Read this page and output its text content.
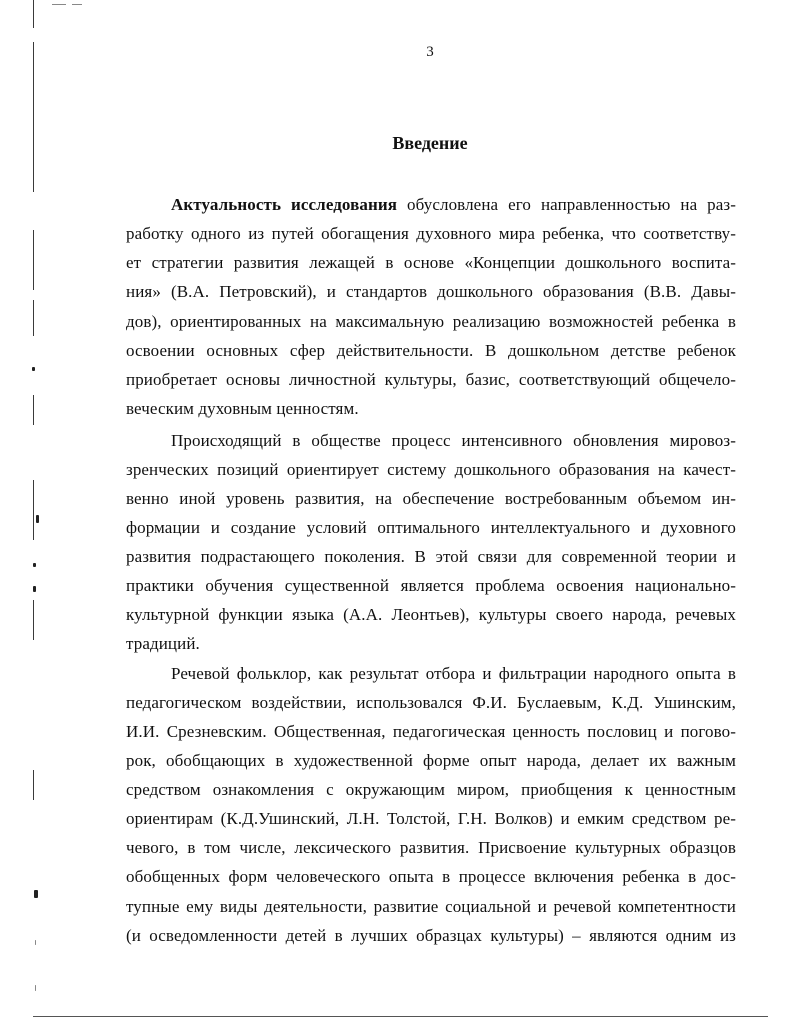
3
Введение
Актуальность исследования обусловлена его направленностью на раз-
работку одного из путей обогащения духовного мира ребенка, что соответству-
ет стратегии развития лежащей в основе «Концепции дошкольного воспита-
ния» (В.А. Петровский), и стандартов дошкольного образования (В.В. Давы-
дов), ориентированных на максимальную реализацию возможностей ребенка в
освоении основных сфер действительности. В дошкольном детстве ребенок
приобретает основы личностной культуры, базис, соответствующий общечело-
веческим духовным ценностям.
Происходящий в обществе процесс интенсивного обновления мировоз-
зренческих позиций ориентирует систему дошкольного образования на качест-
венно иной уровень развития, на обеспечение востребованным объемом ин-
формации и создание условий оптимального интеллектуального и духовного
развития подрастающего поколения. В этой связи для современной теории и
практики обучения существенной является проблема освоения национально-
культурной функции языка (А.А. Леонтьев), культуры своего народа, речевых
традиций.
Речевой фольклор, как результат отбора и фильтрации народного опыта в
педагогическом воздействии, использовался Ф.И. Буслаевым, К.Д. Ушинским,
И.И. Срезневским. Общественная, педагогическая ценность пословиц и погово-
рок, обобщающих в художественной форме опыт народа, делает их важным
средством ознакомления с окружающим миром, приобщения к ценностным
ориентирам (К.Д.Ушинский, Л.Н. Толстой, Г.Н. Волков) и емким средством ре-
чевого, в том числе, лексического развития. Присвоение культурных образцов
обобщенных форм человеческого опыта в процессе включения ребенка в дос-
тупные ему виды деятельности, развитие социальной и речевой компетентности
(и осведомленности детей в лучших образцах культуры) – являются одним из
